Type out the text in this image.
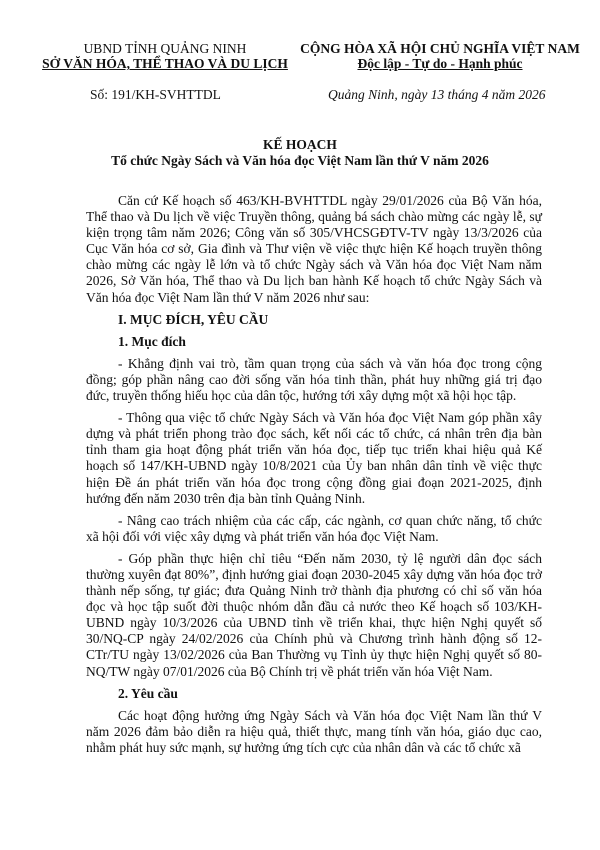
UBND TỈNH QUẢNG NINH
SỞ VĂN HÓA, THỂ THAO VÀ DU LỊCH
CỘNG HÒA XÃ HỘI CHỦ NGHĨA VIỆT NAM
Độc lập - Tự do - Hạnh phúc
Số: 191/KH-SVHTTDL	Quảng Ninh, ngày 13 tháng 4 năm 2026
KẾ HOẠCH
Tổ chức Ngày Sách và Văn hóa đọc Việt Nam lần thứ V năm 2026

Căn cứ Kế hoạch số 463/KH-BVHTTDL ngày 29/01/2026 của Bộ Văn hóa, Thể thao và Du lịch về việc Truyền thông, quảng bá sách chào mừng các ngày lễ, sự kiện trọng tâm năm 2026; Công văn số 305/VHCSGĐTV-TV ngày 13/3/2026 của Cục Văn hóa cơ sở, Gia đình và Thư viện về việc thực hiện Kế hoạch truyền thông chào mừng các ngày lễ lớn và tổ chức Ngày sách và Văn hóa đọc Việt Nam năm 2026, Sở Văn hóa, Thể thao và Du lịch ban hành Kế hoạch tổ chức Ngày Sách và Văn hóa đọc Việt Nam lần thứ V năm 2026 như sau:

I. MỤC ĐÍCH, YÊU CẦU
1. Mục đích

- Khẳng định vai trò, tầm quan trọng của sách và văn hóa đọc trong cộng đồng; góp phần nâng cao đời sống văn hóa tinh thần, phát huy những giá trị đạo đức, truyền thống hiếu học của dân tộc, hướng tới xây dựng một xã hội học tập.

- Thông qua việc tổ chức Ngày Sách và Văn hóa đọc Việt Nam góp phần xây dựng và phát triển phong trào đọc sách, kết nối các tổ chức, cá nhân trên địa bàn tỉnh tham gia hoạt động phát triển văn hóa đọc, tiếp tục triển khai hiệu quả Kế hoạch số 147/KH-UBND ngày 10/8/2021 của Ủy ban nhân dân tỉnh về việc thực hiện Đề án phát triển văn hóa đọc trong cộng đồng giai đoạn 2021-2025, định hướng đến năm 2030 trên địa bàn tỉnh Quảng Ninh.

- Nâng cao trách nhiệm của các cấp, các ngành, cơ quan chức năng, tổ chức xã hội đối với việc xây dựng và phát triển văn hóa đọc Việt Nam.

- Góp phần thực hiện chỉ tiêu “Đến năm 2030, tỷ lệ người dân đọc sách thường xuyên đạt 80%”, định hướng giai đoạn 2030-2045 xây dựng văn hóa đọc trở thành nếp sống, tự giác; đưa Quảng Ninh trở thành địa phương có chỉ số văn hóa đọc và học tập suốt đời thuộc nhóm dẫn đầu cả nước theo Kế hoạch số 103/KH-UBND ngày 10/3/2026 của UBND tỉnh về triển khai, thực hiện Nghị quyết số 30/NQ-CP ngày 24/02/2026 của Chính phủ và Chương trình hành động số 12-CTr/TU ngày 13/02/2026 của Ban Thường vụ Tỉnh ủy thực hiện Nghị quyết số 80-NQ/TW ngày 07/01/2026 của Bộ Chính trị về phát triển văn hóa Việt Nam.

2. Yêu cầu

Các hoạt động hưởng ứng Ngày Sách và Văn hóa đọc Việt Nam lần thứ V năm 2026 đảm bảo diễn ra hiệu quả, thiết thực, mang tính văn hóa, giáo dục cao, nhằm phát huy sức mạnh, sự hưởng ứng tích cực của nhân dân và các tổ chức xã
